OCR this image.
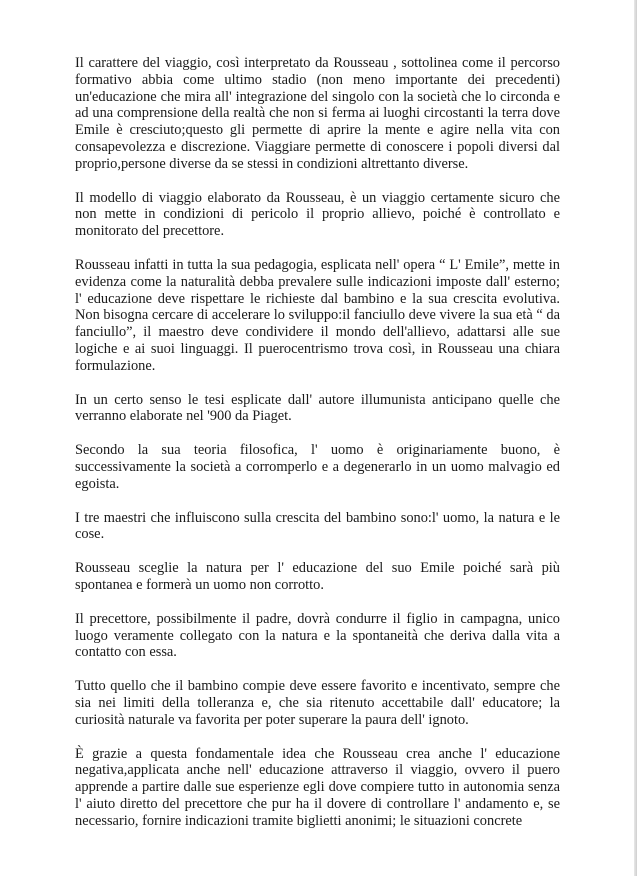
Il carattere del viaggio, così interpretato da Rousseau , sottolinea come il percorso formativo abbia come ultimo stadio (non meno importante dei precedenti) un'educazione che mira all' integrazione del singolo con la società che lo circonda e ad una comprensione della realtà che non si ferma ai luoghi circostanti la terra dove Emile è cresciuto;questo gli permette di aprire la mente e agire nella vita con consapevolezza e discrezione. Viaggiare permette di conoscere i popoli diversi dal proprio,persone diverse da se stessi in condizioni altrettanto diverse.

Il modello di viaggio elaborato da Rousseau, è un viaggio certamente sicuro che non mette in condizioni di pericolo il proprio allievo, poiché è controllato e monitorato del precettore.

Rousseau infatti in tutta la sua pedagogia, esplicata nell' opera “ L' Emile”, mette in evidenza come la naturalità debba prevalere sulle indicazioni imposte dall' esterno; l' educazione deve rispettare le richieste dal bambino e la sua crescita evolutiva. Non bisogna cercare di accelerare lo sviluppo:il fanciullo deve vivere la sua età “ da fanciullo”, il maestro deve condividere il mondo dell'allievo, adattarsi alle sue logiche e ai suoi linguaggi. Il puerocentrismo trova così, in Rousseau una chiara formulazione.

In un certo senso le tesi esplicate dall' autore illumunista anticipano quelle che verranno elaborate nel '900 da Piaget.

Secondo la sua teoria filosofica, l' uomo è originariamente buono, è successivamente la società a corromperlo e a degenerarlo in un uomo malvagio ed egoista.

I tre maestri che influiscono sulla crescita del bambino sono:l' uomo, la natura e le cose.

Rousseau sceglie la natura per l' educazione del suo Emile poiché sarà più spontanea e formerà un uomo non corrotto.

Il precettore, possibilmente il padre, dovrà condurre il figlio in campagna, unico luogo veramente collegato con la natura e la spontaneità che deriva dalla vita a contatto con essa.

Tutto quello che il bambino compie deve essere favorito e incentivato, sempre che sia nei limiti della tolleranza e, che sia ritenuto accettabile dall' educatore; la curiosità naturale va favorita per poter superare la paura dell' ignoto.

È grazie a questa fondamentale idea che Rousseau crea anche l' educazione negativa,applicata anche nell' educazione attraverso il viaggio, ovvero il puero apprende a partire dalle sue esperienze egli dove compiere tutto in autonomia senza l' aiuto diretto del precettore che pur ha il dovere di controllare l' andamento e, se necessario, fornire indicazioni tramite biglietti anonimi; le situazioni concrete
